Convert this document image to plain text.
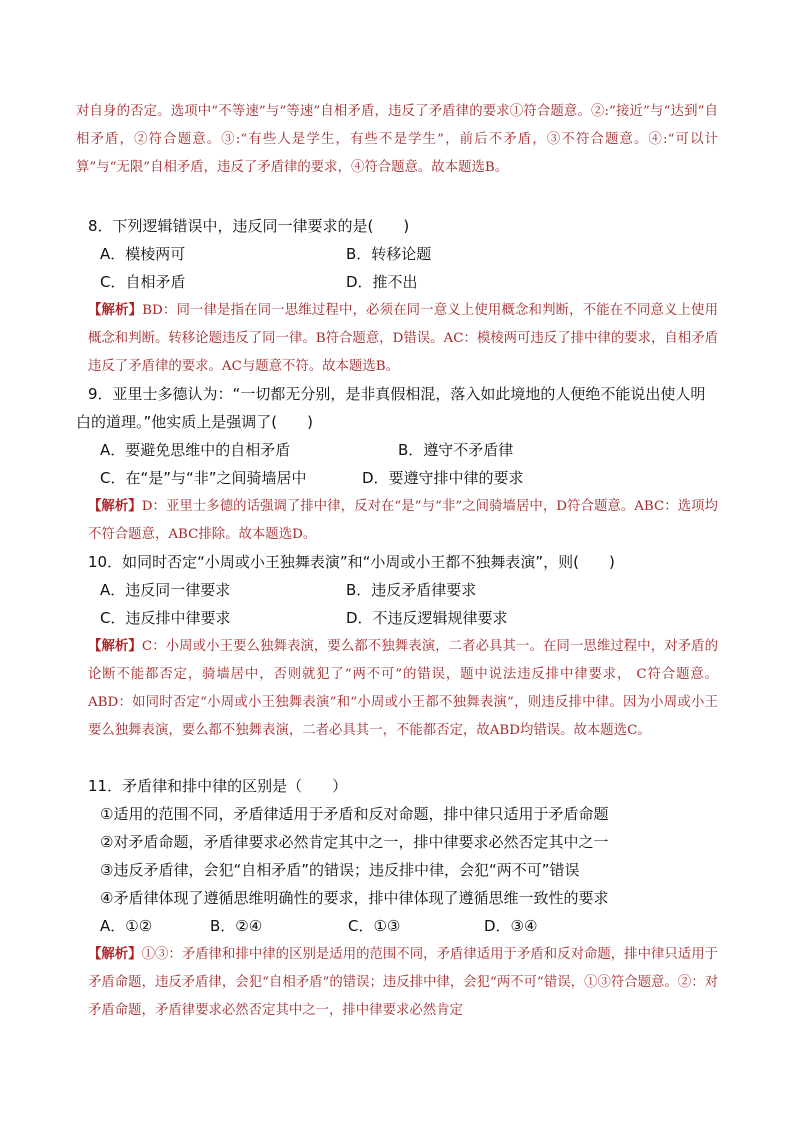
对自身的否定。选项中“不等速”与“等速”自相矛盾，违反了矛盾律的要求①符合题意。②:“接近”与“达到”自相矛盾，②符合题意。③:“有些人是学生，有些不是学生”，前后不矛盾，③不符合题意。④:“可以计算”与“无限”自相矛盾，违反了矛盾律的要求，④符合题意。故本题选B。

8．下列逻辑错误中，违反同一律要求的是(　　)

A．模棱两可	B．转移论题
C．自相矛盾	D．推不出

【解析】BD：同一律是指在同一思维过程中，必须在同一意义上使用概念和判断，不能在不同意义上使用概念和判断。转移论题违反了同一律。B符合题意，D错误。AC：模棱两可违反了排中律的要求，自相矛盾违反了矛盾律的要求。AC与题意不符。故本题选B。

9．亚里士多德认为：“一切都无分别，是非真假相混，落入如此境地的人便绝不能说出使人明白的道理。”他实质上是强调了(　　)

A．要避免思维中的自相矛盾	B．遵守不矛盾律
C．在“是”与“非”之间骑墙居中	D．要遵守排中律的要求

【解析】D：亚里士多德的话强调了排中律，反对在“是”与“非”之间骑墙居中，D符合题意。ABC：选项均不符合题意，ABC排除。故本题选D。

10．如同时否定“小周或小王独舞表演”和“小周或小王都不独舞表演”，则(　　)

A．违反同一律要求	B．违反矛盾律要求
C．违反排中律要求	D．不违反逻辑规律要求

【解析】C：小周或小王要么独舞表演，要么都不独舞表演，二者必具其一。在同一思维过程中，对矛盾的论断不能都否定，骑墙居中，否则就犯了“两不可”的错误，题中说法违反排中律要求， C符合题意。ABD：如同时否定“小周或小王独舞表演”和“小周或小王都不独舞表演”，则违反排中律。因为小周或小王要么独舞表演，要么都不独舞表演，二者必具其一，不能都否定，故ABD均错误。故本题选C。

11．矛盾律和排中律的区别是（　　）

①适用的范围不同，矛盾律适用于矛盾和反对命题，排中律只适用于矛盾命题
②对矛盾命题，矛盾律要求必然肯定其中之一，排中律要求必然否定其中之一
③违反矛盾律，会犯“自相矛盾”的错误；违反排中律，会犯“两不可”错误
④矛盾律体现了遵循思维明确性的要求，排中律体现了遵循思维一致性的要求
A．①②	B．②④	C．①③	D．③④

【解析】①③：矛盾律和排中律的区别是适用的范围不同，矛盾律适用于矛盾和反对命题，排中律只适用于矛盾命题，违反矛盾律，会犯“自相矛盾”的错误；违反排中律，会犯“两不可”错误，①③符合题意。②：对矛盾命题，矛盾律要求必然否定其中之一，排中律要求必然肯定
